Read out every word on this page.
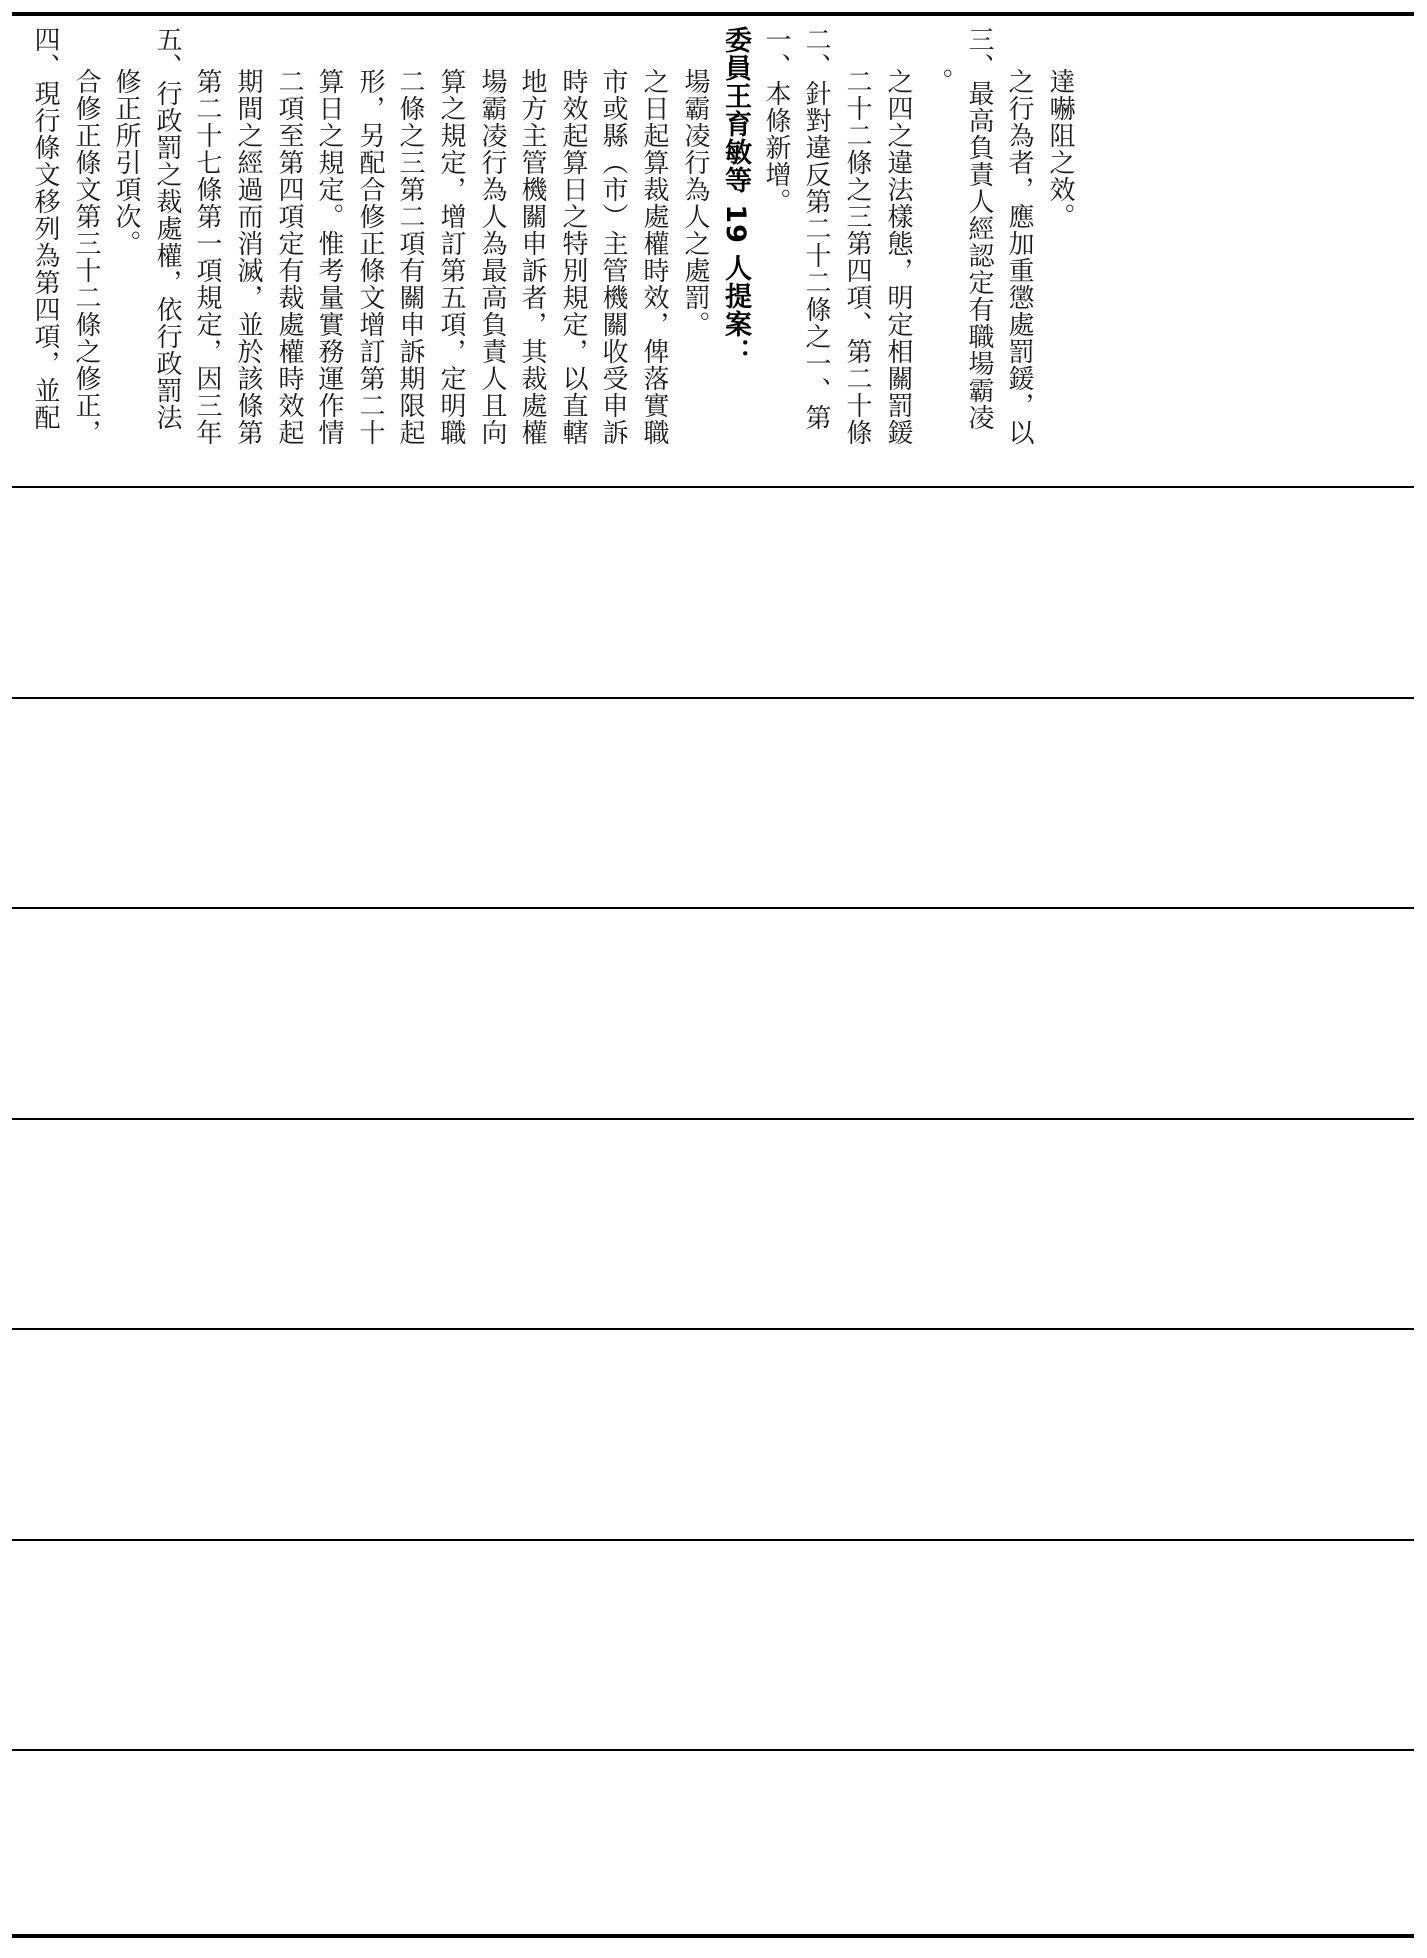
四、現行條文移列為第四項，並配 合修正條文第三十二條之修正， 修正所引項次。 五、行政罰之裁處權，依行政罰法 第二十七條第一項規定，因三年 期間之經過而消滅，並於該條第 二項至第四項定有裁處權時效起 算日之規定。惟考量實務運作情 形，另配合修正條文增訂第二十 二條之三第二項有關申訴期限起 算之規定，增訂第五項，定明職 場霸凌行為人為最高負責人且向 地方主管機關申訴者，其裁處權 時效起算日之特別規定，以直轄 市或縣（市）主管機關收受申訴 之日起算裁處權時效，俾落實職 場霸凌行為人之處罰。 委員王育敏等 19 人提案： 一、本條新增。 二、針對違反第二十二條之一、第 二十二條之三第四項、第二十條 之四之違法樣態，明定相關罰鍰 。 三、最高負責人經認定有職場霸凌 之行為者，應加重懲處罰鍰，以 達嚇阻之效。
